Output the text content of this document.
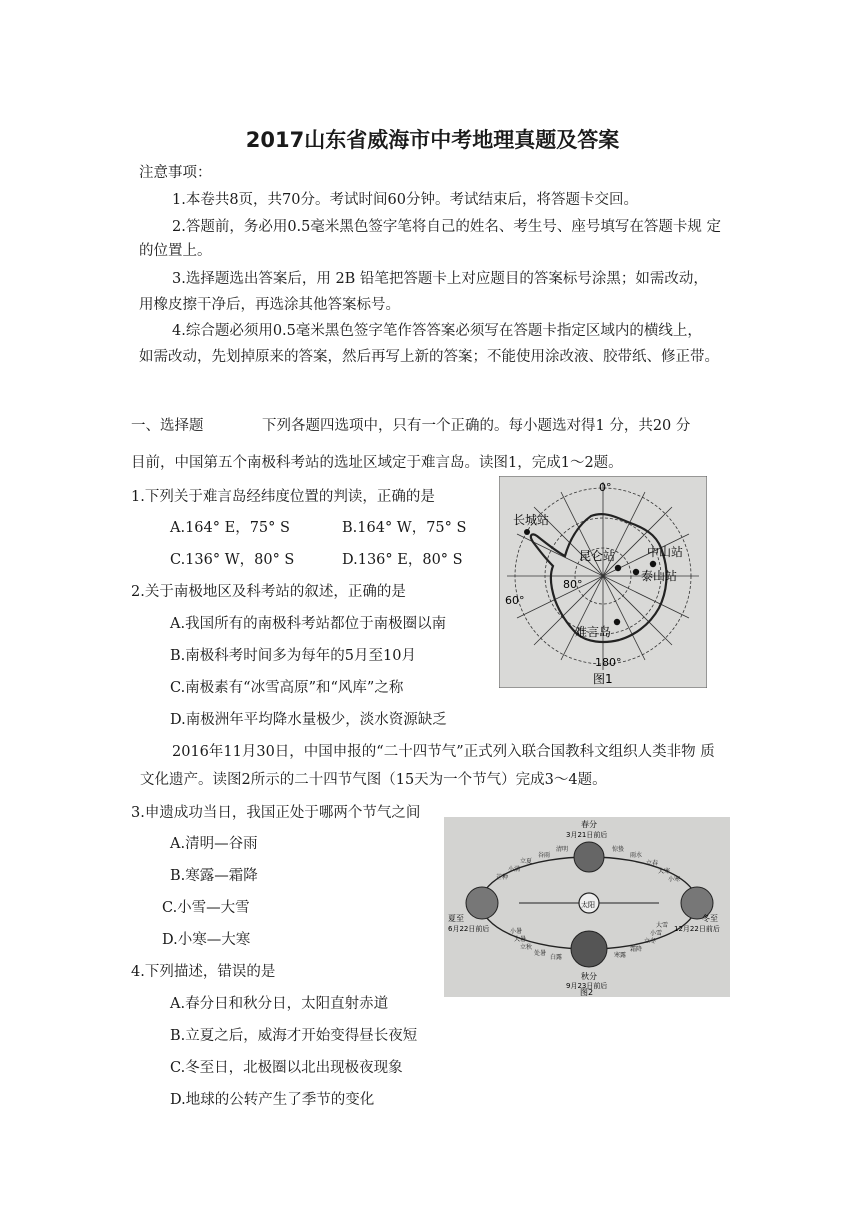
2017山东省威海市中考地理真题及答案
注意事项：
1.本卷共8页，共70分。考试时间60分钟。考试结束后，将答题卡交回。
2.答题前，务必用0.5毫米黑色签字笔将自己的姓名、考生号、座号填写在答题卡规 定
的位置上。
3.选择题选出答案后，用 2B 铅笔把答题卡上对应题目的答案标号涂黑；如需改动，
用橡皮擦干净后，再选涂其他答案标号。
4.综合题必须用0.5毫米黑色签字笔作答答案必须写在答题卡指定区域内的横线上，
如需改动，先划掉原来的答案，然后再写上新的答案；不能使用涂改液、胶带纸、修正带。
一、选择题	下列各题四选项中，只有一个正确的。每小题选对得1 分，共20 分
目前，中国第五个南极科考站的选址区域定于难言岛。读图1，完成1～2题。
1.下列关于难言岛经纬度位置的判读，正确的是
A.164° E，75° S	B.164° W，75° S
C.136° W，80° S	D.136° E，80° S
2.关于南极地区及科考站的叙述，正确的是
A.我国所有的南极科考站都位于南极圈以南
B.南极科考时间多为每年的5月至10月
C.南极素有“冰雪高原”和“风库”之称
D.南极洲年平均降水量极少，淡水资源缺乏
2016年11月30日，中国申报的“二十四节气”正式列入联合国教科文组织人类非物 质
文化遗产。读图2所示的二十四节气图（15天为一个节气）完成3～4题。
3.申遗成功当日，我国正处于哪两个节气之间
A.清明—谷雨
B.寒露—霜降
C.小雪—大雪
D.小寒—大寒
4.下列描述，错误的是
A.春分日和秋分日，太阳直射赤道
B.立夏之后，威海才开始变得昼长夜短
C.冬至日，北极圈以北出现极夜现象
D.地球的公转产生了季节的变化
0°
180°
80°
60°
长城站
昆仑站	中山站
泰山站
难言岛
图1
太阳
春分
3月21日前后
夏至
6月22日前后
冬至
12月22日前后
秋分
9月23日前后
清明
谷雨
立夏
小满
芒种
惊蛰
雨水
立春
大寒
小寒
小暑
大暑
立秋
处暑
白露	寒露
霜降
立冬
小雪
大雪
图2
